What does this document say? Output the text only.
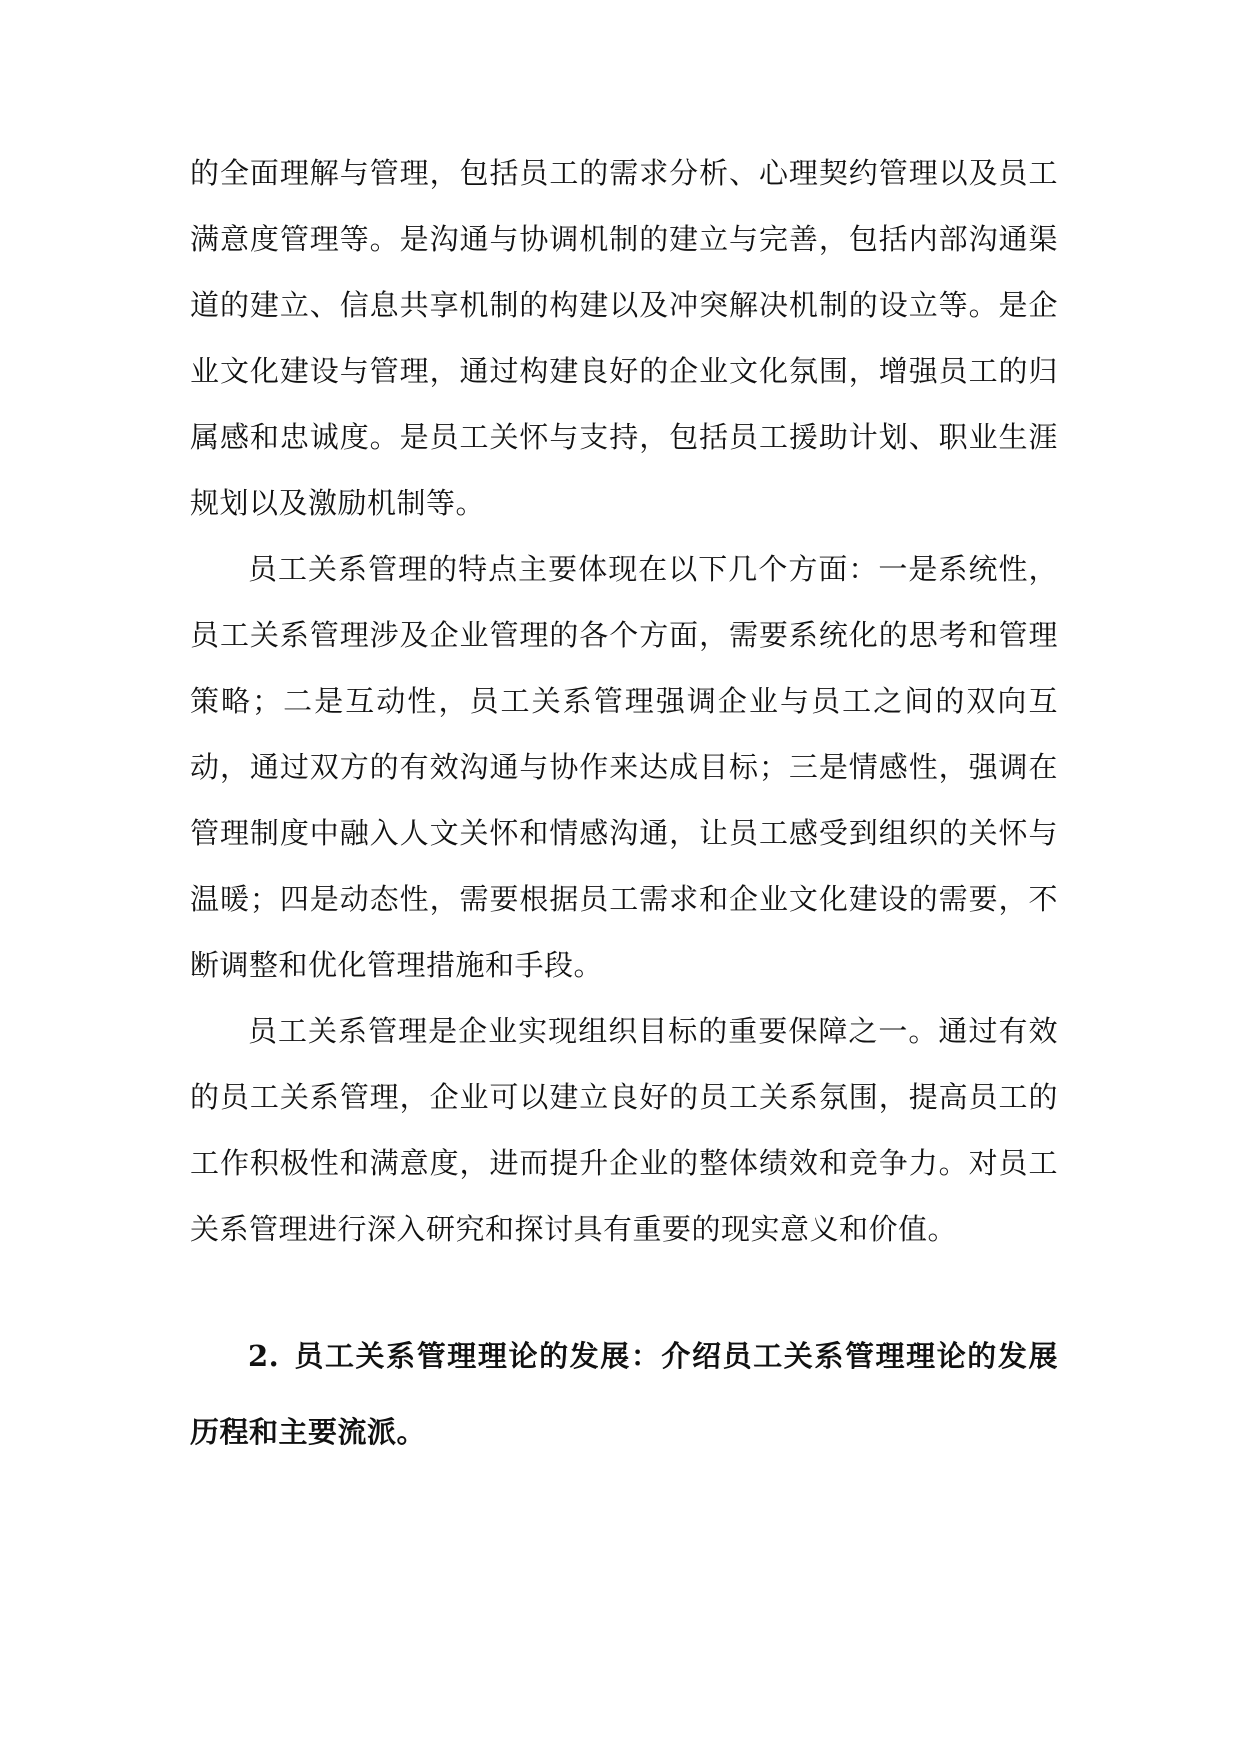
的全面理解与管理，包括员工的需求分析、心理契约管理以及员工满意度管理等。是沟通与协调机制的建立与完善，包括内部沟通渠道的建立、信息共享机制的构建以及冲突解决机制的设立等。是企业文化建设与管理，通过构建良好的企业文化氛围，增强员工的归属感和忠诚度。是员工关怀与支持，包括员工援助计划、职业生涯规划以及激励机制等。

员工关系管理的特点主要体现在以下几个方面：一是系统性，员工关系管理涉及企业管理的各个方面，需要系统化的思考和管理策略；二是互动性，员工关系管理强调企业与员工之间的双向互动，通过双方的有效沟通与协作来达成目标；三是情感性，强调在管理制度中融入人文关怀和情感沟通，让员工感受到组织的关怀与温暖；四是动态性，需要根据员工需求和企业文化建设的需要，不断调整和优化管理措施和手段。

员工关系管理是企业实现组织目标的重要保障之一。通过有效的员工关系管理，企业可以建立良好的员工关系氛围，提高员工的工作积极性和满意度，进而提升企业的整体绩效和竞争力。对员工关系管理进行深入研究和探讨具有重要的现实意义和价值。

2. 员工关系管理理论的发展：介绍员工关系管理理论的发展历程和主要流派。
